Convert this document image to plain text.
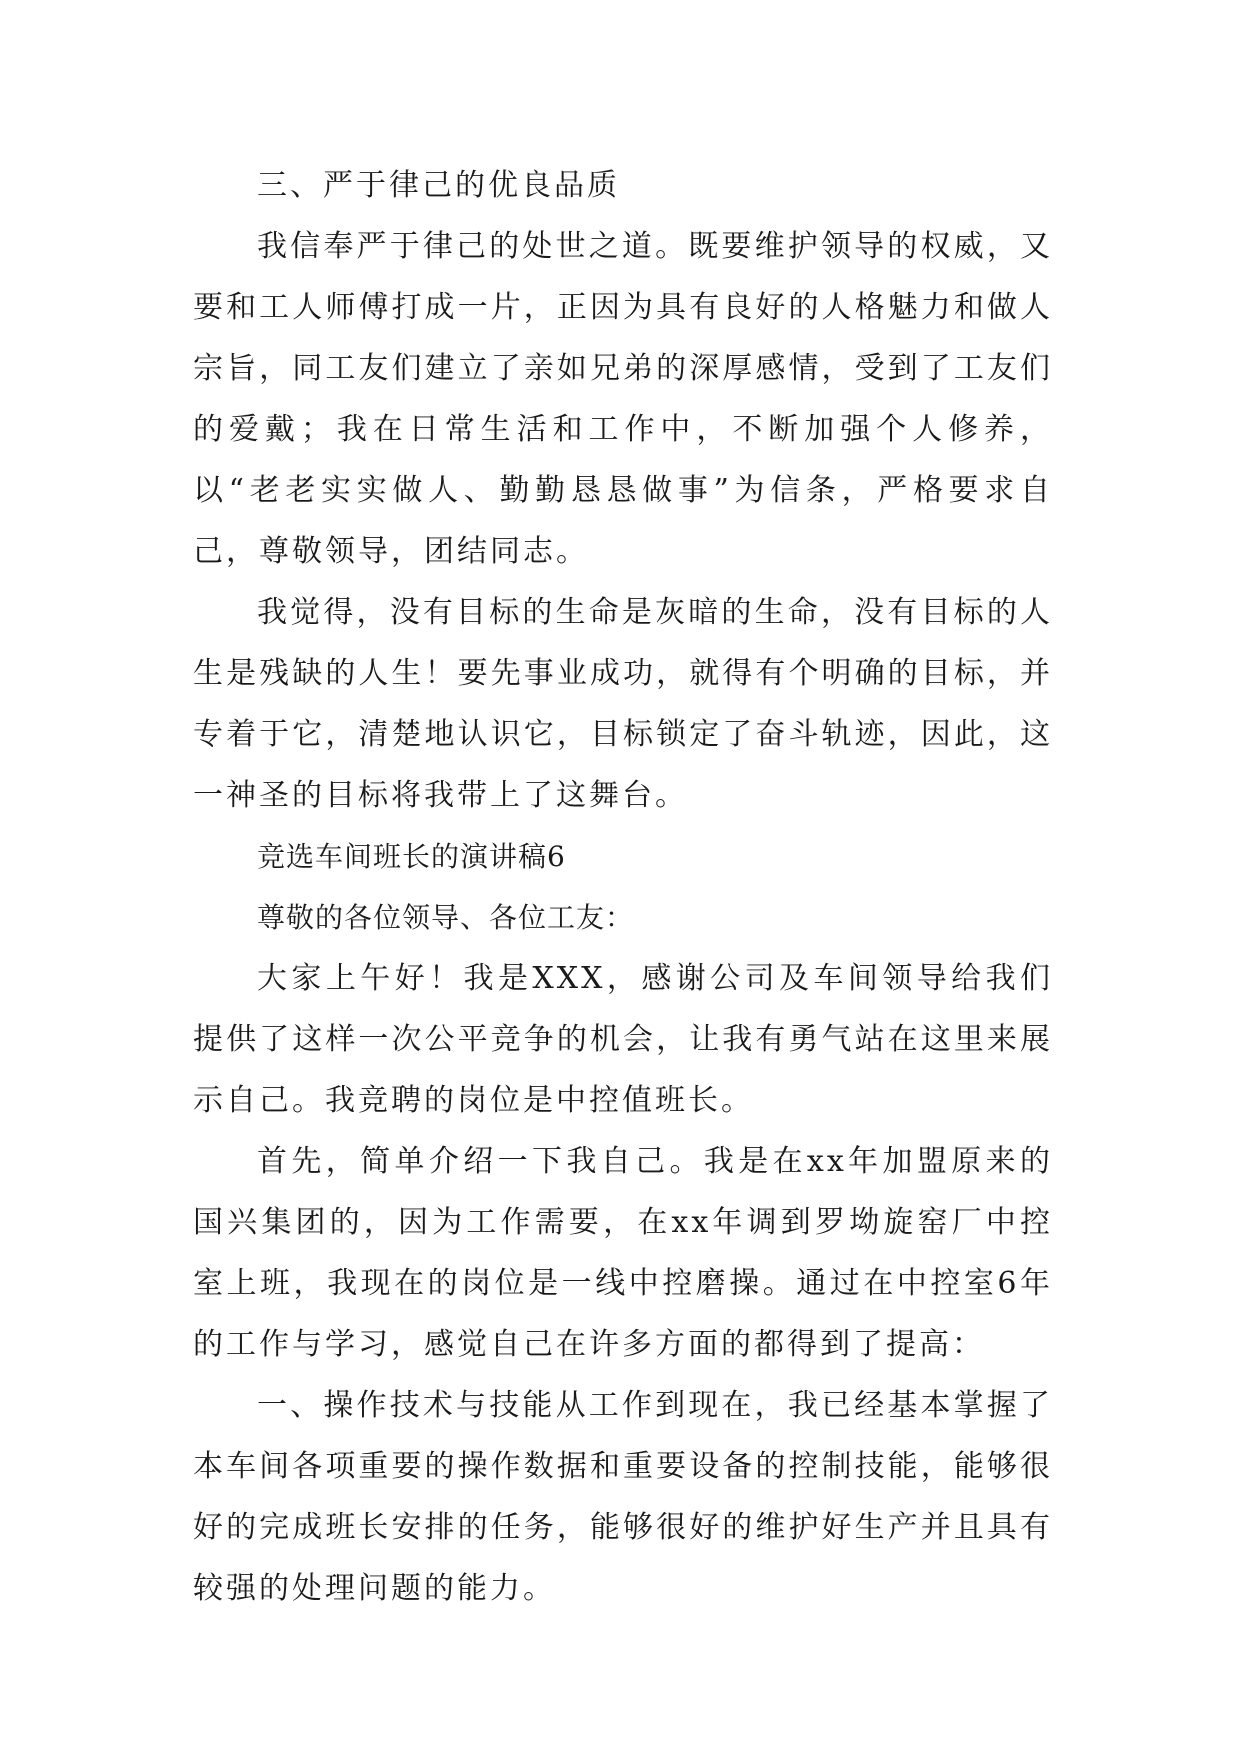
三、严于律己的优良品质

我信奉严于律己的处世之道。既要维护领导的权威，又要和工人师傅打成一片，正因为具有良好的人格魅力和做人宗旨，同工友们建立了亲如兄弟的深厚感情，受到了工友们的爱戴；我在日常生活和工作中，不断加强个人修养，以“老老实实做人、勤勤恳恳做事”为信条，严格要求自己，尊敬领导，团结同志。

我觉得，没有目标的生命是灰暗的生命，没有目标的人生是残缺的人生！要先事业成功，就得有个明确的目标，并专着于它，清楚地认识它，目标锁定了奋斗轨迹，因此，这一神圣的目标将我带上了这舞台。

竞选车间班长的演讲稿6

尊敬的各位领导、各位工友：

大家上午好！我是XXX，感谢公司及车间领导给我们提供了这样一次公平竞争的机会，让我有勇气站在这里来展示自己。我竞聘的岗位是中控值班长。

首先，简单介绍一下我自己。我是在xx年加盟原来的国兴集团的，因为工作需要，在xx年调到罗坳旋窑厂中控室上班，我现在的岗位是一线中控磨操。通过在中控室6年的工作与学习，感觉自己在许多方面的都得到了提高：

一、操作技术与技能从工作到现在，我已经基本掌握了本车间各项重要的操作数据和重要设备的控制技能，能够很好的完成班长安排的任务，能够很好的维护好生产并且具有较强的处理问题的能力。
